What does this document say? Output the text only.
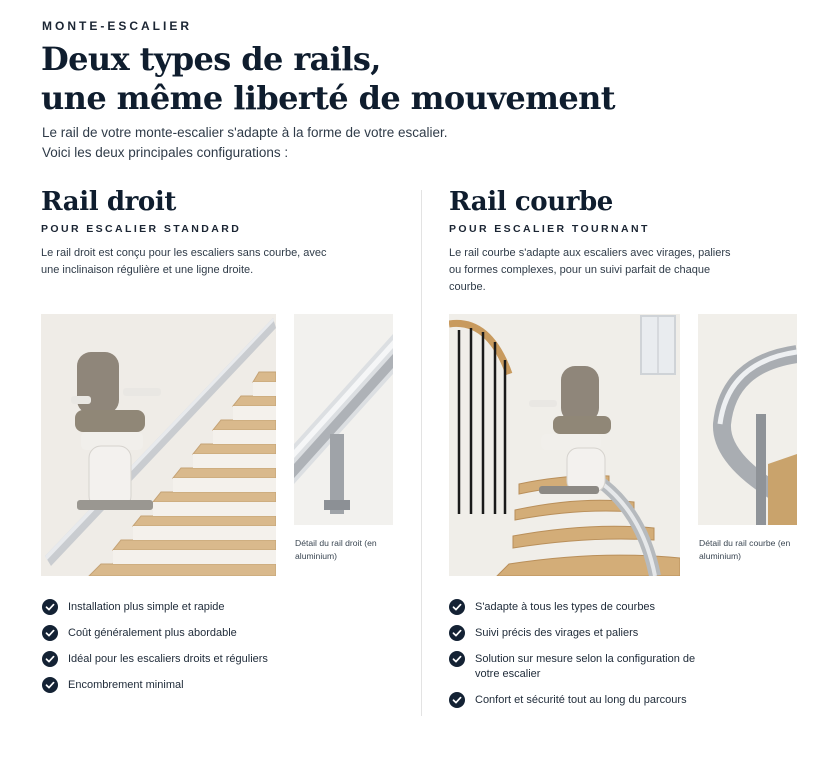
MONTE-ESCALIER
Deux types de rails,
une même liberté de mouvement

Le rail de votre monte-escalier s'adapte à la forme de votre escalier.
Voici les deux principales configurations :

Rail droit
POUR ESCALIER STANDARD

Le rail droit est conçu pour les escaliers sans courbe, avec une inclinaison régulière et une ligne droite.

Détail du rail droit (en aluminium)
Installation plus simple et rapide
Coût généralement plus abordable
Idéal pour les escaliers droits et réguliers
Encombrement minimal
Rail courbe
POUR ESCALIER TOURNANT

Le rail courbe s'adapte aux escaliers avec virages, paliers ou formes complexes, pour un suivi parfait de chaque courbe.

Détail du rail courbe (en aluminium)
S'adapte à tous les types de courbes
Suivi précis des virages et paliers
Solution sur mesure selon la configuration de votre escalier
Confort et sécurité tout au long du parcours
